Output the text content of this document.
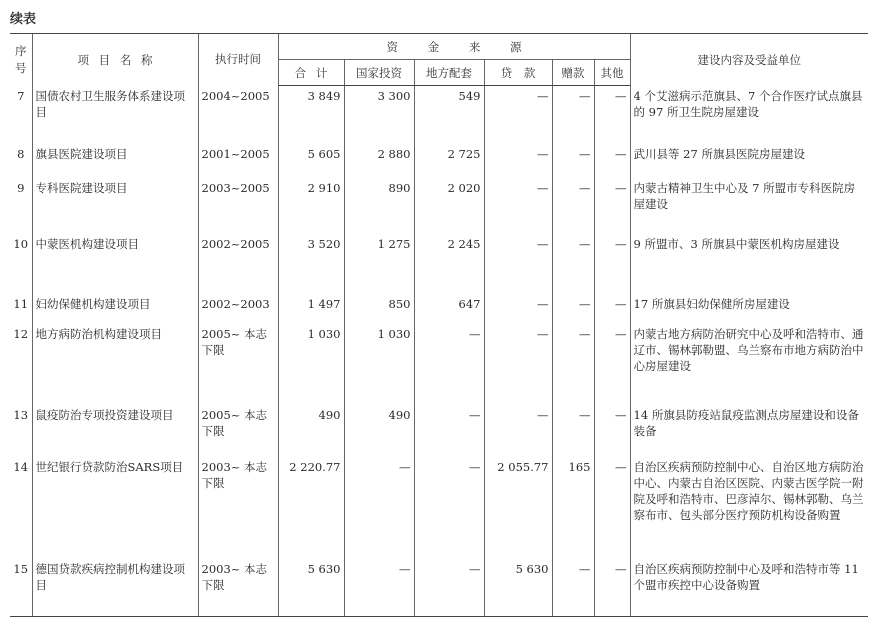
续表
序号	项 目 名 称	执行时间	资 金 来 源						建设内容及受益单位
			合 计	国家投资	地方配套	贷 款	赠款	其他	
7	国债农村卫生服务体系建设项目	2004~2005	3 849	3 300	549	—	—	—	4 个艾滋病示范旗县、7 个合作医疗试点旗县的 97 所卫生院房屋建设
8	旗县医院建设项目	2001~2005	5 605	2 880	2 725	—	—	—	武川县等 27 所旗县医院房屋建设
9	专科医院建设项目	2003~2005	2 910	890	2 020	—	—	—	内蒙古精神卫生中心及 7 所盟市专科医院房屋建设
10	中蒙医机构建设项目	2002~2005	3 520	1 275	2 245	—	—	—	9 所盟市、3 所旗县中蒙医机构房屋建设
11	妇幼保健机构建设项目	2002~2003	1 497	850	647	—	—	—	17 所旗县妇幼保健所房屋建设
12	地方病防治机构建设项目	2005~ 本志下限	1 030	1 030	—	—	—	—	内蒙古地方病防治研究中心及呼和浩特市、通辽市、锡林郭勒盟、乌兰察布市地方病防治中心房屋建设
13	鼠疫防治专项投资建设项目	2005~ 本志下限	490	490	—	—	—	—	14 所旗县防疫站鼠疫监测点房屋建设和设备装备
14	世纪银行贷款防治SARS项目	2003~ 本志下限	2 220.77	—	—	2 055.77	165	—	自治区疾病预防控制中心、自治区地方病防治中心、内蒙古自治区医院、内蒙古医学院一附院及呼和浩特市、巴彦淖尔、锡林郭勒、乌兰察布市、包头部分医疗预防机构设备购置
15	德国贷款疾病控制机构建设项目	2003~ 本志下限	5 630	—	—	5 630	—	—	自治区疾病预防控制中心及呼和浩特市等 11 个盟市疾控中心设备购置
